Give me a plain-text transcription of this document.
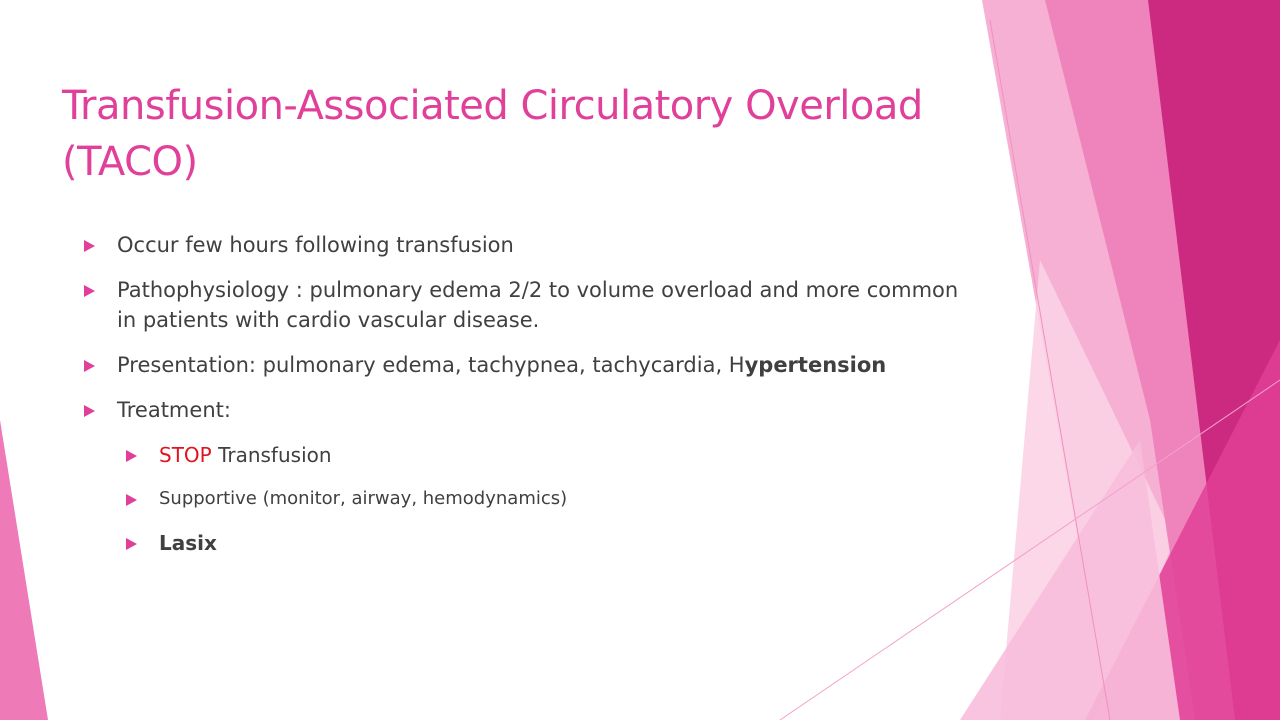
Transfusion-Associated Circulatory Overload (TACO)
Occur few hours following transfusion
Pathophysiology : pulmonary edema 2/2 to volume overload and more common in patients with cardio vascular disease.
Presentation: pulmonary edema, tachypnea, tachycardia, Hypertension
Treatment:
STOP Transfusion
Supportive (monitor, airway, hemodynamics)
Lasix
